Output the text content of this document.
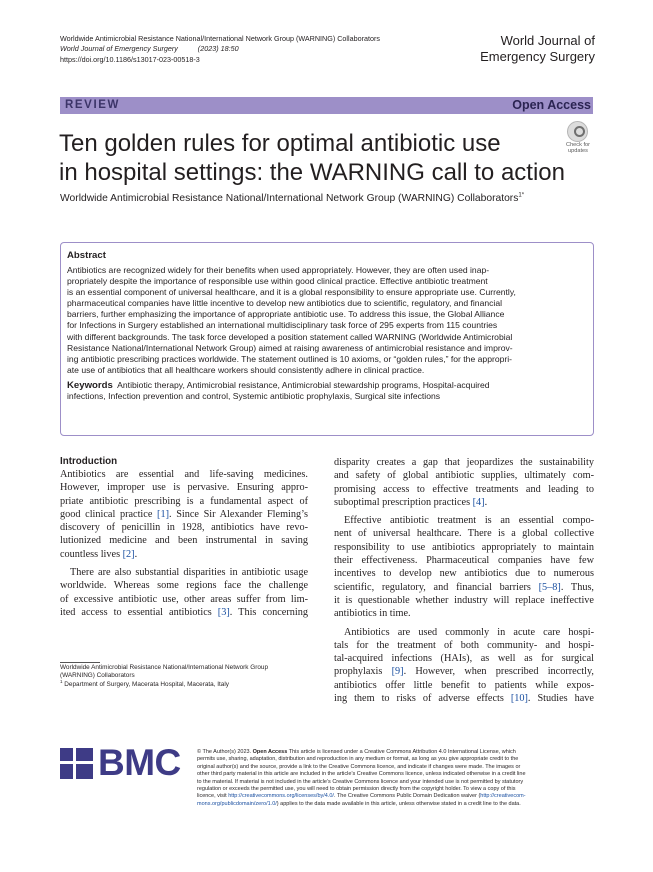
Worldwide Antimicrobial Resistance National/International Network Group (WARNING) Collaborators
World Journal of Emergency Surgery          (2023) 18:50
https://doi.org/10.1186/s13017-023-00518-3
World Journal of
Emergency Surgery
REVIEW	Open Access
Ten golden rules for optimal antibiotic use
in hospital settings: the WARNING call to action
Check for
updates
Worldwide Antimicrobial Resistance National/International Network Group (WARNING) Collaborators$^{1*}$
Abstract
Antibiotics are recognized widely for their benefits when used appropriately. However, they are often used inap-
propriately despite the importance of responsible use within good clinical practice. Effective antibiotic treatment
is an essential component of universal healthcare, and it is a global responsibility to ensure appropriate use. Currently,
pharmaceutical companies have little incentive to develop new antibiotics due to scientific, regulatory, and financial
barriers, further emphasizing the importance of appropriate antibiotic use. To address this issue, the Global Alliance
for Infections in Surgery established an international multidisciplinary task force of 295 experts from 115 countries
with different backgrounds. The task force developed a position statement called WARNING (Worldwide Antimicrobial
Resistance National/International Network Group) aimed at raising awareness of antimicrobial resistance and improv-
ing antibiotic prescribing practices worldwide. The statement outlined is 10 axioms, or “golden rules,” for the appropri-
ate use of antibiotics that all healthcare workers should consistently adhere in clinical practice.
Keywords Antibiotic therapy, Antimicrobial resistance, Antimicrobial stewardship programs, Hospital-acquired
infections, Infection prevention and control, Systemic antibiotic prophylaxis, Surgical site infections
Introduction
Antibiotics are essential and life-saving medicines.
However, improper use is pervasive. Ensuring appro-
priate antibiotic prescribing is a fundamental aspect of
good clinical practice [1]. Since Sir Alexander Fleming’s
discovery of penicillin in 1928, antibiotics have revo-
lutionized medicine and been instrumental in saving
countless lives [2].
There are also substantial disparities in antibiotic usage
worldwide. Whereas some regions face the challenge
of excessive antibiotic use, other areas suffer from lim-
ited access to essential antibiotics [3]. This concerning
disparity creates a gap that jeopardizes the sustainability
and safety of global antibiotic supplies, ultimately com-
promising access to effective treatments and leading to
suboptimal prescription practices [4].
Effective antibiotic treatment is an essential compo-
nent of universal healthcare. There is a global collective
responsibility to use antibiotics appropriately to maintain
their effectiveness. Pharmaceutical companies have few
incentives to develop new antibiotics due to numerous
scientific, regulatory, and financial barriers [5–8]. Thus,
it is questionable whether industry will replace ineffective
antibiotics in time.
Antibiotics are used commonly in acute care hospi-
tals for the treatment of both community- and hospi-
tal-acquired infections (HAIs), as well as for surgical
prophylaxis [9]. However, when prescribed incorrectly,
antibiotics offer little benefit to patients while expos-
ing them to risks of adverse effects [10]. Studies have
Worldwide Antimicrobial Resistance National/International Network Group
(WARNING) Collaborators
$^1$ Department of Surgery, Macerata Hospital, Macerata, Italy
BMC	© The Author(s) 2023. Open Access This article is licensed under a Creative Commons Attribution 4.0 International License, which
permits use, sharing, adaptation, distribution and reproduction in any medium or format, as long as you give appropriate credit to the
original author(s) and the source, provide a link to the Creative Commons licence, and indicate if changes were made. The images or
other third party material in this article are included in the article’s Creative Commons licence, unless indicated otherwise in a credit line
to the material. If material is not included in the article’s Creative Commons licence and your intended use is not permitted by statutory
regulation or exceeds the permitted use, you will need to obtain permission directly from the copyright holder. To view a copy of this
licence, visit http://creativecommons.org/licenses/by/4.0/. The Creative Commons Public Domain Dedication waiver (http://creativecom-
mons.org/publicdomain/zero/1.0/) applies to the data made available in this article, unless otherwise stated in a credit line to the data.
